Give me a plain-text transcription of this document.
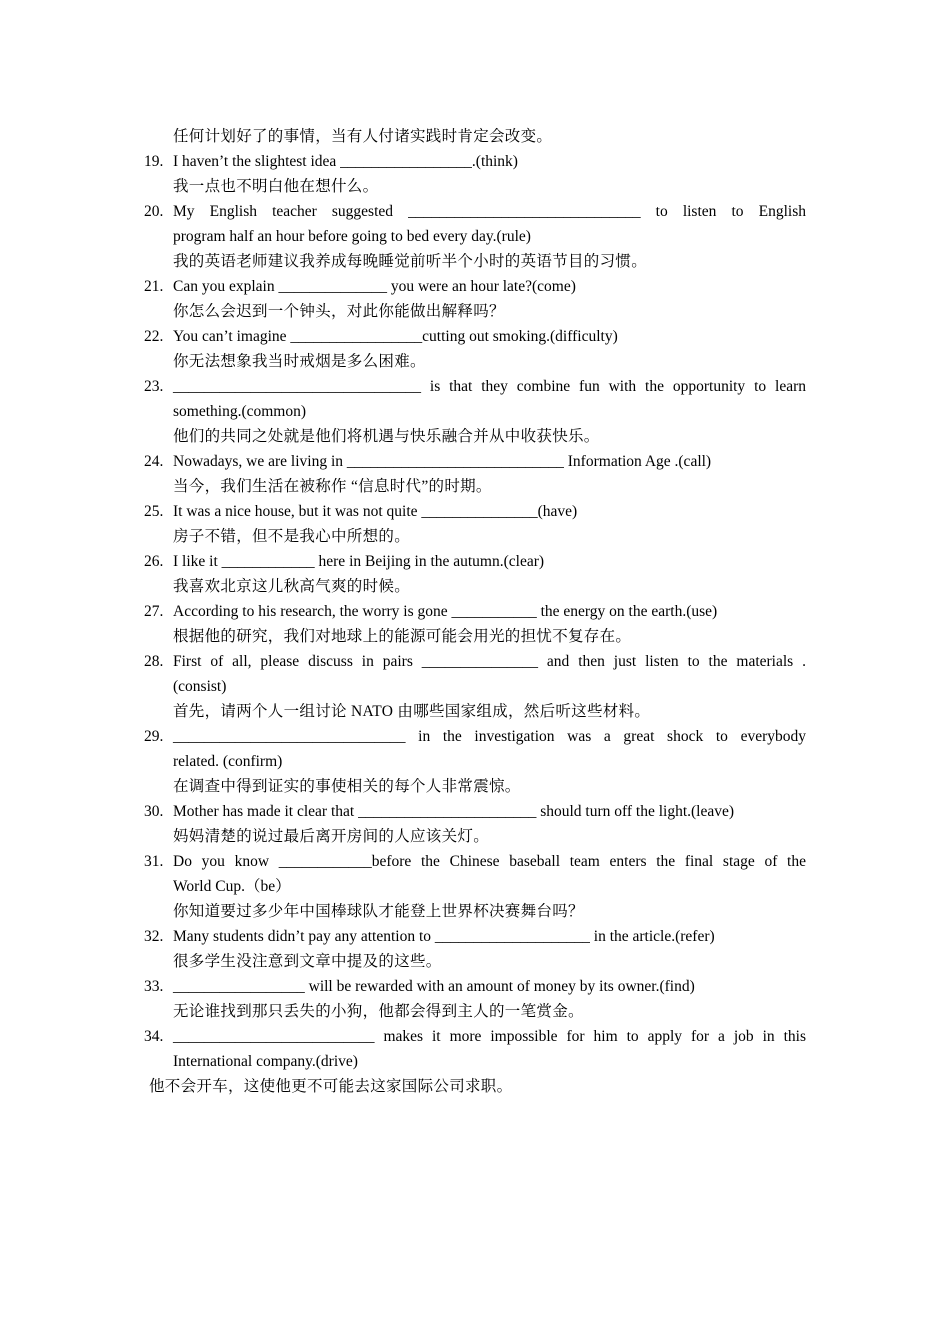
任何计划好了的事情，当有人付诸实践时肯定会改变。
19. I haven’t the slightest idea _________________.(think)
我一点也不明白他在想什么。
20. My English teacher suggested ______________________________ to listen to English
program half an hour before going to bed every day.(rule)
我的英语老师建议我养成每晚睡觉前听半个小时的英语节目的习惯。
21. Can you explain ______________ you were an hour late?(come)
你怎么会迟到一个钟头，对此你能做出解释吗？
22. You can’t imagine _________________cutting out smoking.(difficulty)
你无法想象我当时戒烟是多么困难。
23. ________________________________ is that they combine fun with the opportunity to learn
something.(common)
他们的共同之处就是他们将机遇与快乐融合并从中收获快乐。
24. Nowadays, we are living in ____________________________ Information Age .(call)
当今，我们生活在被称作 “信息时代”的时期。
25. It was a nice house, but it was not quite _______________(have)
房子不错，但不是我心中所想的。
26. I like it ____________ here in Beijing in the autumn.(clear)
我喜欢北京这儿秋高气爽的时候。
27. According to his research, the worry is gone ___________ the energy on the earth.(use)
根据他的研究，我们对地球上的能源可能会用光的担忧不复存在。
28. First of all, please discuss in pairs _______________ and then just listen to the materials .
(consist)
首先，请两个人一组讨论 NATO 由哪些国家组成，然后听这些材料。
29. ______________________________ in the investigation was a great shock to everybody
related. (confirm)
在调查中得到证实的事使相关的每个人非常震惊。
30. Mother has made it clear that _______________________ should turn off the light.(leave)
妈妈清楚的说过最后离开房间的人应该关灯。
31. Do you know ____________before the Chinese baseball team enters the final stage of the
World Cup.（be）
你知道要过多少年中国棒球队才能登上世界杯决赛舞台吗？
32. Many students didn’t pay any attention to ____________________ in the article.(refer)
很多学生没注意到文章中提及的这些。
33. _________________ will be rewarded with an amount of money by its owner.(find)
无论谁找到那只丢失的小狗，他都会得到主人的一笔赏金。
34. __________________________ makes it more impossible for him to apply for a job in this
International company.(drive)
他不会开车，这使他更不可能去这家国际公司求职。
